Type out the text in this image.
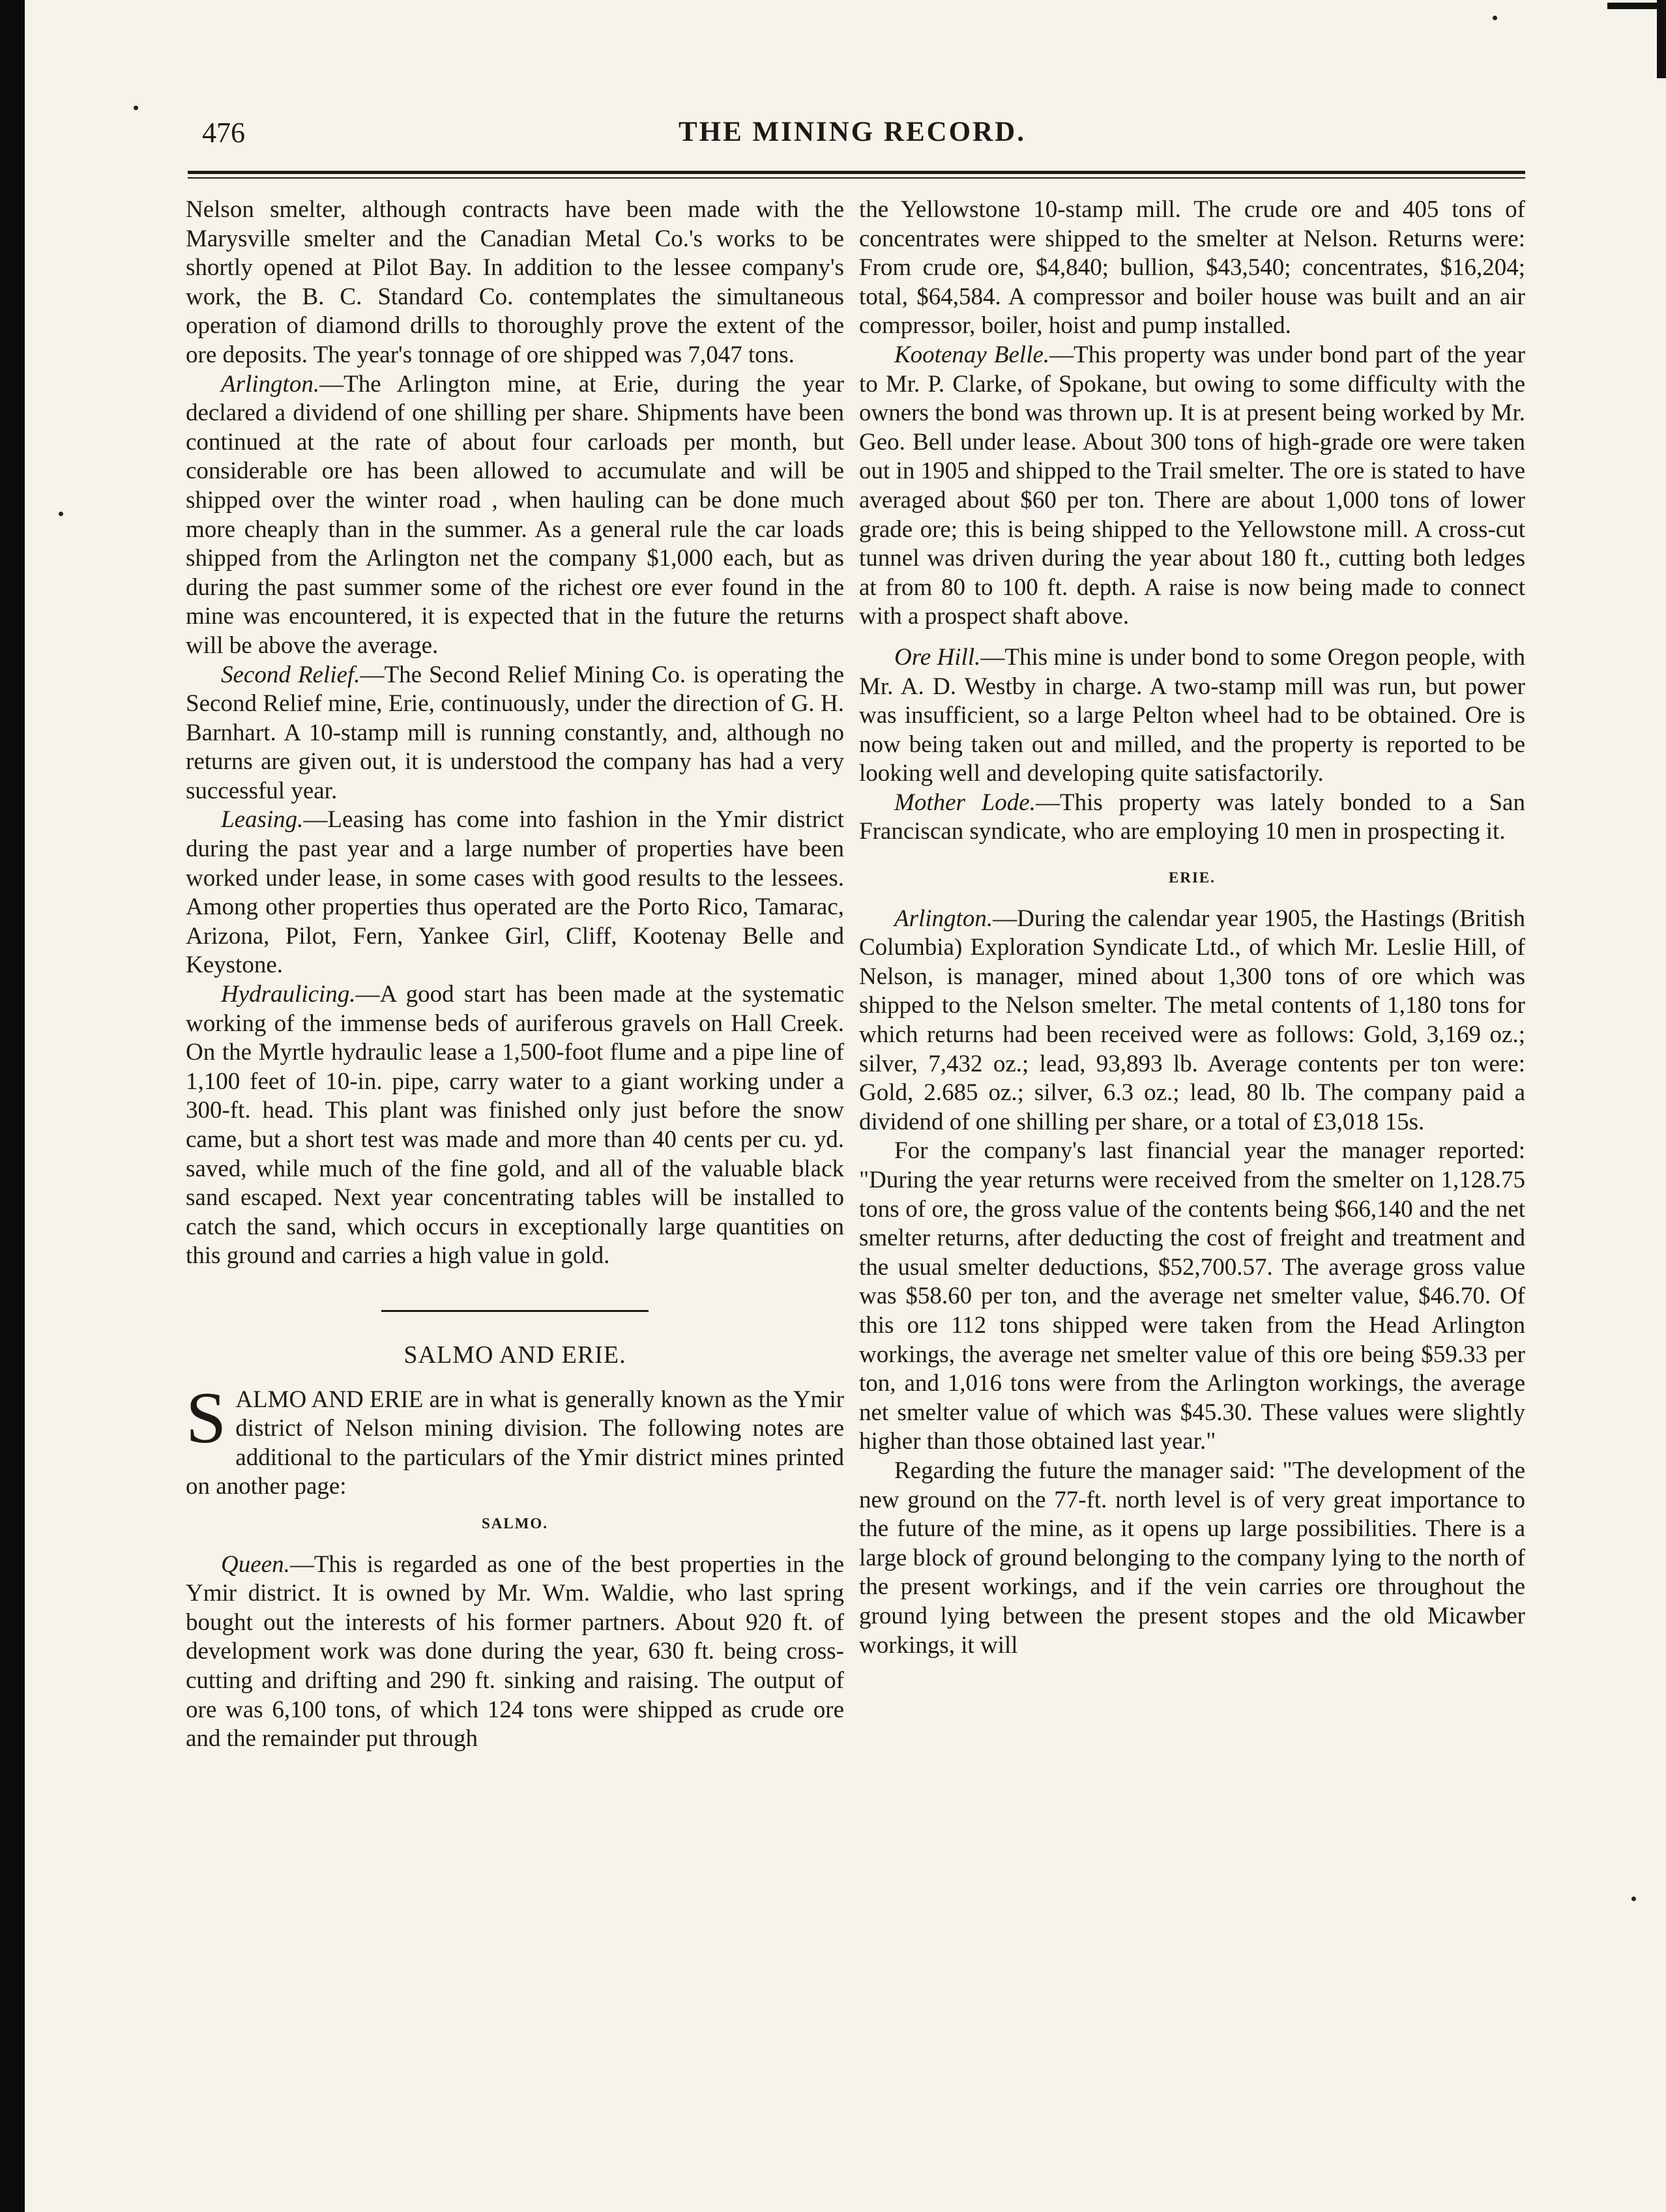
476	THE MINING RECORD.

Nelson smelter, although contracts have been made with the Marysville smelter and the Canadian Metal Co.'s works to be shortly opened at Pilot Bay. In addition to the lessee company's work, the B. C. Standard Co. contemplates the simultaneous operation of diamond drills to thoroughly prove the extent of the ore deposits. The year's tonnage of ore shipped was 7,047 tons.

Arlington.—The Arlington mine, at Erie, during the year declared a dividend of one shilling per share. Shipments have been continued at the rate of about four carloads per month, but considerable ore has been allowed to accumulate and will be shipped over the winter road , when hauling can be done much more cheaply than in the summer. As a general rule the car loads shipped from the Arlington net the company $1,000 each, but as during the past summer some of the richest ore ever found in the mine was encountered, it is expected that in the future the returns will be above the average.

Second Relief.—The Second Relief Mining Co. is operating the Second Relief mine, Erie, continuously, under the direction of G. H. Barnhart. A 10-stamp mill is running constantly, and, although no returns are given out, it is understood the company has had a very successful year.

Leasing.—Leasing has come into fashion in the Ymir district during the past year and a large number of properties have been worked under lease, in some cases with good results to the lessees. Among other properties thus operated are the Porto Rico, Tamarac, Arizona, Pilot, Fern, Yankee Girl, Cliff, Kootenay Belle and Keystone.

Hydraulicing.—A good start has been made at the systematic working of the immense beds of auriferous gravels on Hall Creek. On the Myrtle hydraulic lease a 1,500-foot flume and a pipe line of 1,100 feet of 10-in. pipe, carry water to a giant working under a 300-ft. head. This plant was finished only just before the snow came, but a short test was made and more than 40 cents per cu. yd. saved, while much of the fine gold, and all of the valuable black sand escaped. Next year concentrating tables will be installed to catch the sand, which occurs in exceptionally large quantities on this ground and carries a high value in gold.

SALMO AND ERIE.

SALMO AND ERIE are in what is generally known as the Ymir district of Nelson mining division. The following notes are additional to the particulars of the Ymir district mines printed on another page:

SALMO.

Queen.—This is regarded as one of the best properties in the Ymir district. It is owned by Mr. Wm. Waldie, who last spring bought out the interests of his former partners. About 920 ft. of development work was done during the year, 630 ft. being cross-cutting and drifting and 290 ft. sinking and raising. The output of ore was 6,100 tons, of which 124 tons were shipped as crude ore and the remainder put through

the Yellowstone 10-stamp mill. The crude ore and 405 tons of concentrates were shipped to the smelter at Nelson. Returns were: From crude ore, $4,840; bullion, $43,540; concentrates, $16,204; total, $64,584. A compressor and boiler house was built and an air compressor, boiler, hoist and pump installed.

Kootenay Belle.—This property was under bond part of the year to Mr. P. Clarke, of Spokane, but owing to some difficulty with the owners the bond was thrown up. It is at present being worked by Mr. Geo. Bell under lease. About 300 tons of high-grade ore were taken out in 1905 and shipped to the Trail smelter. The ore is stated to have averaged about $60 per ton. There are about 1,000 tons of lower grade ore; this is being shipped to the Yellowstone mill. A cross-cut tunnel was driven during the year about 180 ft., cutting both ledges at from 80 to 100 ft. depth. A raise is now being made to connect with a prospect shaft above.

Ore Hill.—This mine is under bond to some Oregon people, with Mr. A. D. Westby in charge. A two-stamp mill was run, but power was insufficient, so a large Pelton wheel had to be obtained. Ore is now being taken out and milled, and the property is reported to be looking well and developing quite satisfactorily.

Mother Lode.—This property was lately bonded to a San Franciscan syndicate, who are employing 10 men in prospecting it.

ERIE.

Arlington.—During the calendar year 1905, the Hastings (British Columbia) Exploration Syndicate Ltd., of which Mr. Leslie Hill, of Nelson, is manager, mined about 1,300 tons of ore which was shipped to the Nelson smelter. The metal contents of 1,180 tons for which returns had been received were as follows: Gold, 3,169 oz.; silver, 7,432 oz.; lead, 93,893 lb. Average contents per ton were: Gold, 2.685 oz.; silver, 6.3 oz.; lead, 80 lb. The company paid a dividend of one shilling per share, or a total of £3,018 15s.

For the company's last financial year the manager reported: "During the year returns were received from the smelter on 1,128.75 tons of ore, the gross value of the contents being $66,140 and the net smelter returns, after deducting the cost of freight and treatment and the usual smelter deductions, $52,700.57. The average gross value was $58.60 per ton, and the average net smelter value, $46.70. Of this ore 112 tons shipped were taken from the Head Arlington workings, the average net smelter value of this ore being $59.33 per ton, and 1,016 tons were from the Arlington workings, the average net smelter value of which was $45.30. These values were slightly higher than those obtained last year."

Regarding the future the manager said: "The development of the new ground on the 77-ft. north level is of very great importance to the future of the mine, as it opens up large possibilities. There is a large block of ground belonging to the company lying to the north of the present workings, and if the vein carries ore throughout the ground lying between the present stopes and the old Micawber workings, it will
